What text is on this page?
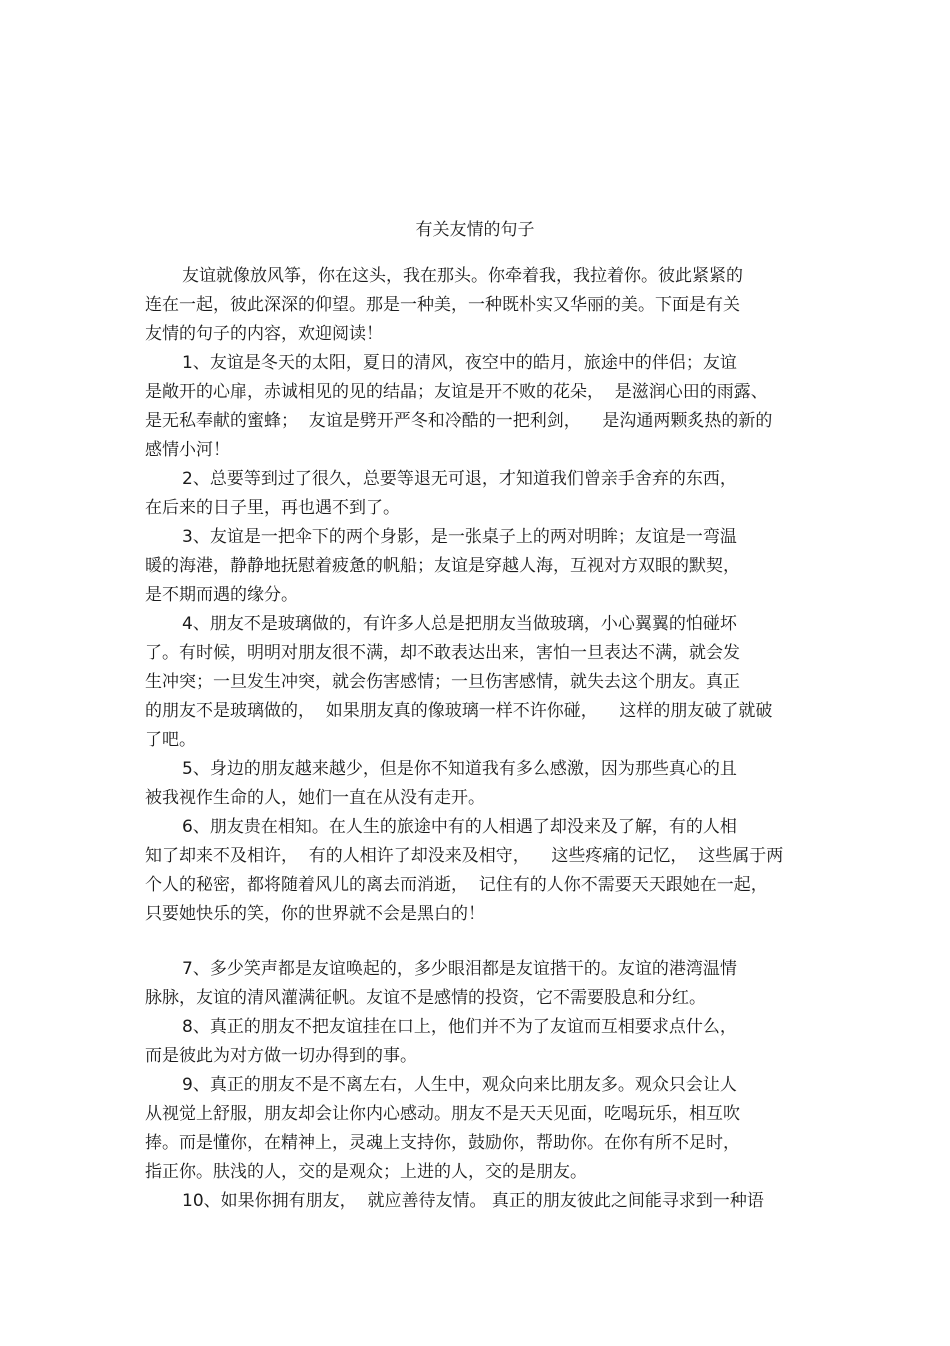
有关友情的句子
友谊就像放风筝，你在这头，我在那头。你牵着我，我拉着你。彼此紧紧的
连在一起，彼此深深的仰望。那是一种美，一种既朴实又华丽的美。下面是有关
友情的句子的内容，欢迎阅读！
1、友谊是冬天的太阳，夏日的清风，夜空中的皓月，旅途中的伴侣；友谊
是敞开的心扉，赤诚相见的见的结晶；友谊是开不败的花朵，  是滋润心田的雨露、
是无私奉献的蜜蜂；  友谊是劈开严冬和冷酷的一把利剑，    是沟通两颗炙热的新的
感情小河！
2、总要等到过了很久，总要等退无可退，才知道我们曾亲手舍弃的东西，
在后来的日子里，再也遇不到了。
3、友谊是一把伞下的两个身影，是一张桌子上的两对明眸；友谊是一弯温
暖的海港，静静地抚慰着疲惫的帆船；友谊是穿越人海，互视对方双眼的默契，
是不期而遇的缘分。
4、朋友不是玻璃做的，有许多人总是把朋友当做玻璃，小心翼翼的怕碰坏
了。有时候，明明对朋友很不满，却不敢表达出来，害怕一旦表达不满，就会发
生冲突；一旦发生冲突，就会伤害感情；一旦伤害感情，就失去这个朋友。真正
的朋友不是玻璃做的，  如果朋友真的像玻璃一样不许你碰，    这样的朋友破了就破
了吧。
5、身边的朋友越来越少，但是你不知道我有多么感激，因为那些真心的且
被我视作生命的人，她们一直在从没有走开。
6、朋友贵在相知。在人生的旅途中有的人相遇了却没来及了解，有的人相
知了却来不及相许，  有的人相许了却没来及相守，    这些疼痛的记忆，  这些属于两
个人的秘密，都将随着风儿的离去而消逝，  记住有的人你不需要天天跟她在一起，
只要她快乐的笑，你的世界就不会是黑白的！
7、多少笑声都是友谊唤起的，多少眼泪都是友谊揩干的。友谊的港湾温情
脉脉，友谊的清风灌满征帆。友谊不是感情的投资，它不需要股息和分红。
8、真正的朋友不把友谊挂在口上，他们并不为了友谊而互相要求点什么，
而是彼此为对方做一切办得到的事。
9、真正的朋友不是不离左右，人生中，观众向来比朋友多。观众只会让人
从视觉上舒服，朋友却会让你内心感动。朋友不是天天见面，吃喝玩乐，相互吹
捧。而是懂你，在精神上，灵魂上支持你，鼓励你，帮助你。在你有所不足时，
指正你。肤浅的人，交的是观众；上进的人，交的是朋友。
10、如果你拥有朋友，  就应善待友情。 真正的朋友彼此之间能寻求到一种语
